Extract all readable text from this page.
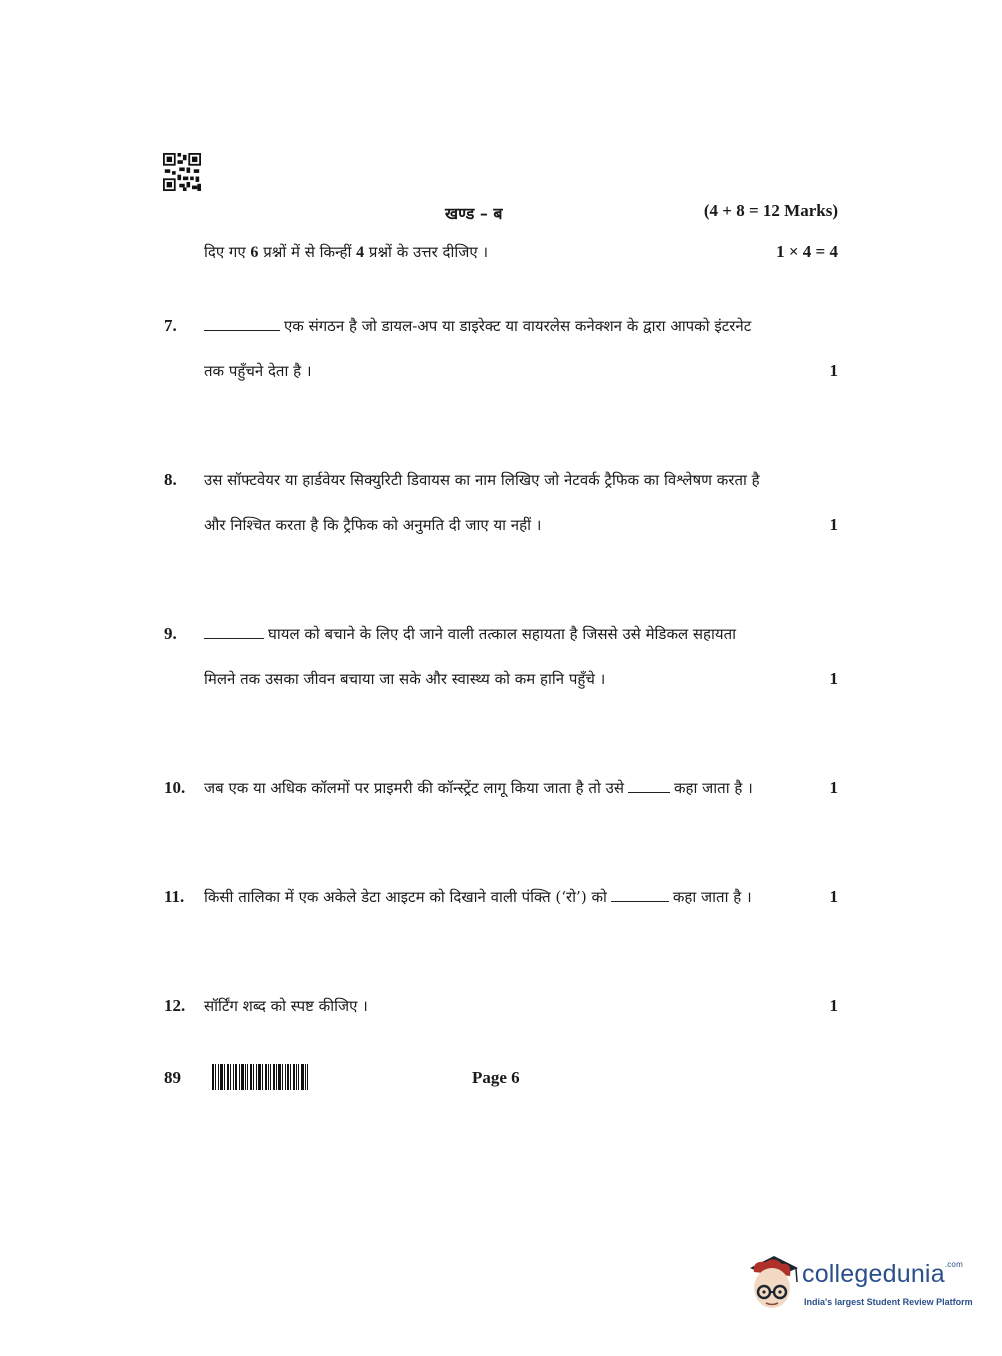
खण्ड – ब	(4 + 8 = 12 Marks)
दिए गए 6 प्रश्नों में से किन्हीं 4 प्रश्नों के उत्तर दीजिए ।	1 × 4 = 4
7.	एक संगठन है जो डायल-अप या डाइरेक्ट या वायरलेस कनेक्शन के द्वारा आपको इंटरनेट
तक पहुँचने देता है ।	1
8. उस सॉफ्टवेयर या हार्डवेयर सिक्युरिटी डिवायस का नाम लिखिए जो नेटवर्क ट्रैफिक का विश्लेषण करता है
और निश्चित करता है कि ट्रैफिक को अनुमति दी जाए या नहीं ।	1
9.	घायल को बचाने के लिए दी जाने वाली तत्काल सहायता है जिससे उसे मेडिकल सहायता
मिलने तक उसका जीवन बचाया जा सके और स्वास्थ्य को कम हानि पहुँचे ।	1
10. जब एक या अधिक कॉलमों पर प्राइमरी की कॉन्स्ट्रेंट लागू किया जाता है तो उसे	कहा जाता है ।	1
11. किसी तालिका में एक अकेले डेटा आइटम को दिखाने वाली पंक्ति (‘रो’) को	कहा जाता है ।	1
12. सॉर्टिंग शब्द को स्पष्ट कीजिए ।	1
89	Page 6
collegedunia$^{.com}$
India's largest Student Review Platform
